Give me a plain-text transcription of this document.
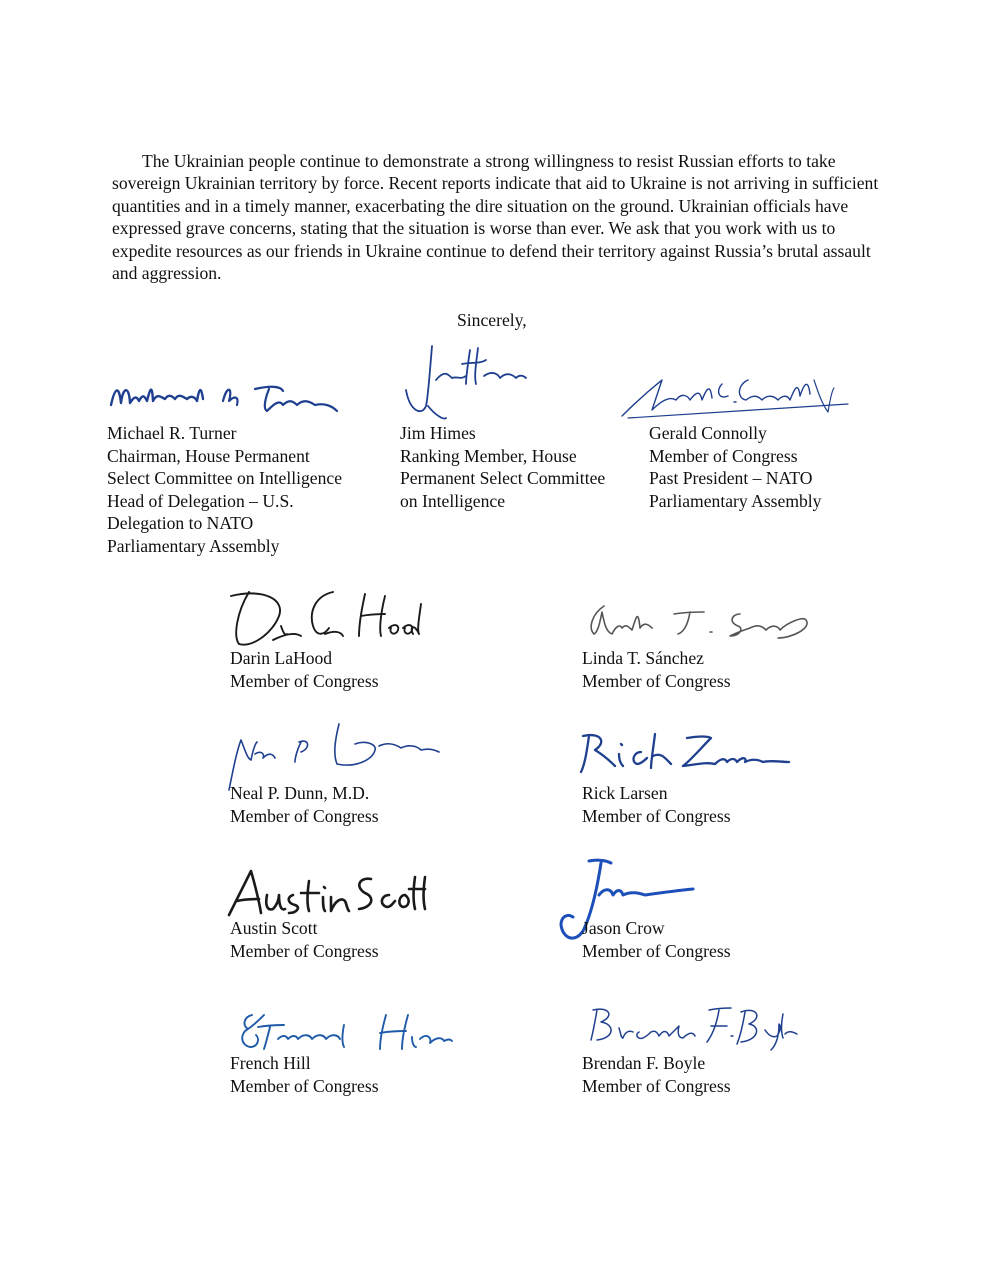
The Ukrainian people continue to demonstrate a strong willingness to resist Russian efforts to take sovereign Ukrainian territory by force. Recent reports indicate that aid to Ukraine is not arriving in sufficient quantities and in a timely manner, exacerbating the dire situation on the ground. Ukrainian officials have expressed grave concerns, stating that the situation is worse than ever. We ask that you work with us to expedite resources as our friends in Ukraine continue to defend their territory against Russia’s brutal assault and aggression.

Sincerely,

Michael R. Turner
Chairman, House Permanent
Select Committee on Intelligence
Head of Delegation – U.S.
Delegation to NATO
Parliamentary Assembly
Jim Himes
Ranking Member, House
Permanent Select Committee
on Intelligence
Gerald Connolly
Member of Congress
Past President – NATO
Parliamentary Assembly
Darin LaHood
Member of Congress
Linda T. Sánchez
Member of Congress
Neal P. Dunn, M.D.
Member of Congress
Rick Larsen
Member of Congress
Austin Scott
Member of Congress
Jason Crow
Member of Congress
French Hill
Member of Congress
Brendan F. Boyle
Member of Congress
